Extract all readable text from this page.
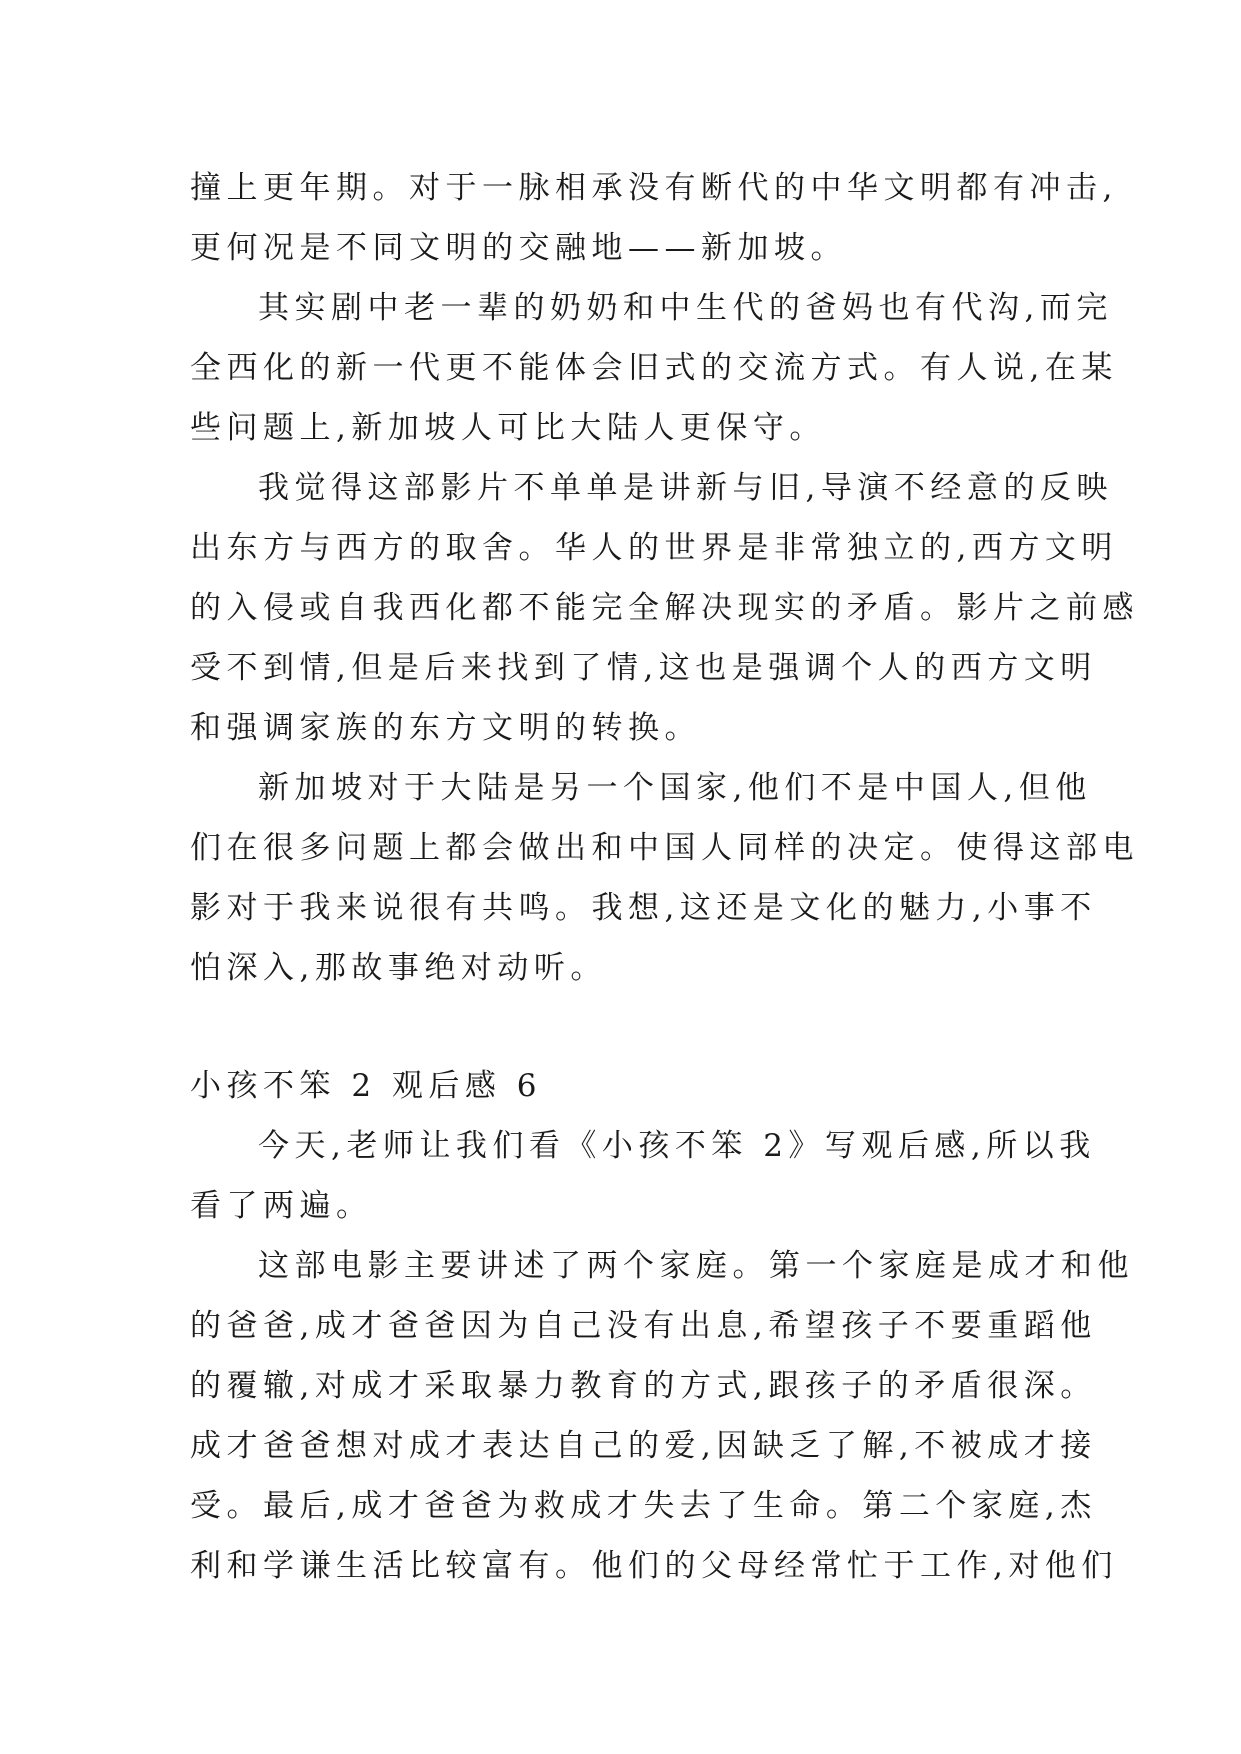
撞上更年期。对于一脉相承没有断代的中华文明都有冲击,
更何况是不同文明的交融地——新加坡。
其实剧中老一辈的奶奶和中生代的爸妈也有代沟,而完
全西化的新一代更不能体会旧式的交流方式。有人说,在某
些问题上,新加坡人可比大陆人更保守。
我觉得这部影片不单单是讲新与旧,导演不经意的反映
出东方与西方的取舍。华人的世界是非常独立的,西方文明
的入侵或自我西化都不能完全解决现实的矛盾。影片之前感
受不到情,但是后来找到了情,这也是强调个人的西方文明
和强调家族的东方文明的转换。
新加坡对于大陆是另一个国家,他们不是中国人,但他
们在很多问题上都会做出和中国人同样的决定。使得这部电
影对于我来说很有共鸣。我想,这还是文化的魅力,小事不
怕深入,那故事绝对动听。
小孩不笨 2 观后感 6
今天,老师让我们看《小孩不笨 2》写观后感,所以我
看了两遍。
这部电影主要讲述了两个家庭。第一个家庭是成才和他
的爸爸,成才爸爸因为自己没有出息,希望孩子不要重蹈他
的覆辙,对成才采取暴力教育的方式,跟孩子的矛盾很深。
成才爸爸想对成才表达自己的爱,因缺乏了解,不被成才接
受。最后,成才爸爸为救成才失去了生命。第二个家庭,杰
利和学谦生活比较富有。他们的父母经常忙于工作,对他们
